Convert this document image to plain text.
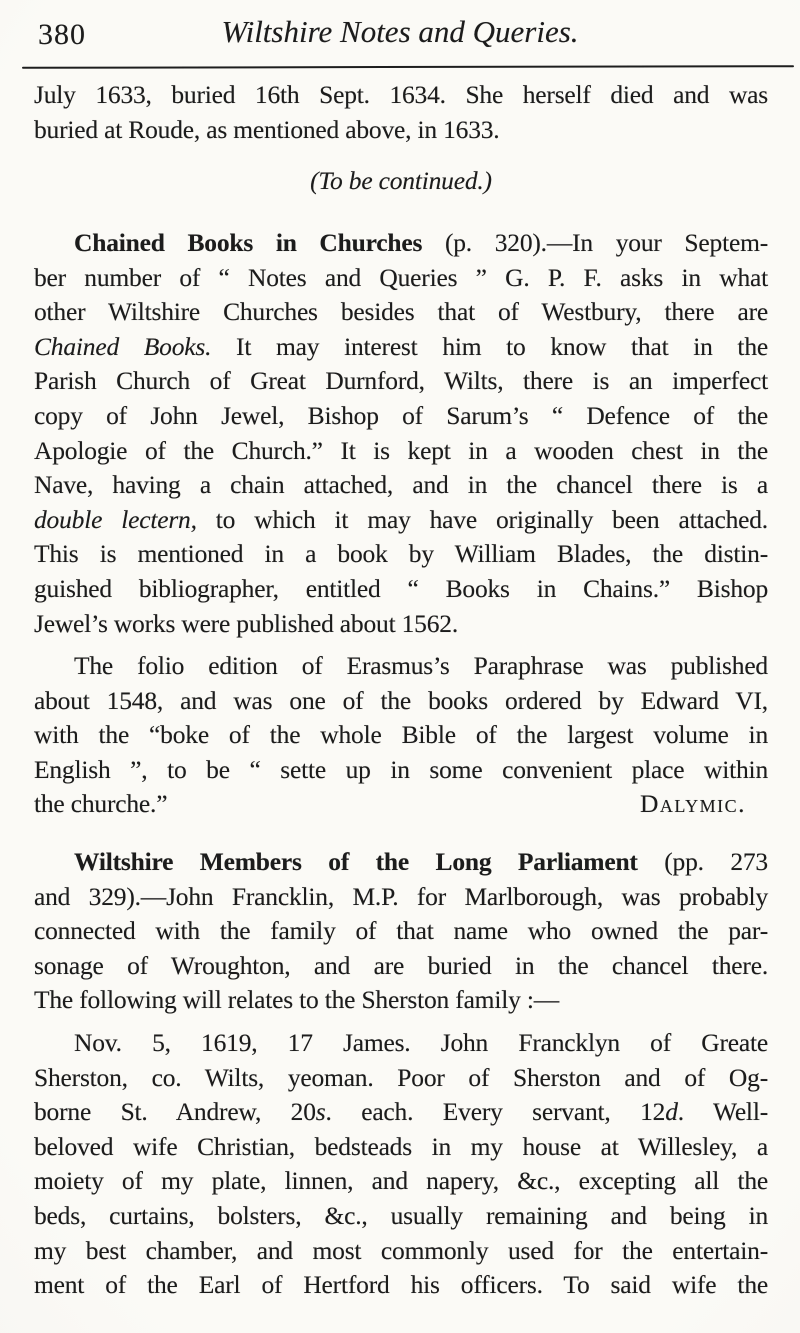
380	Wiltshire Notes and Queries.
July 1633, buried 16th Sept. 1634. She herself died and was
buried at Roude, as mentioned above, in 1633.
(To be continued.)
Chained Books in Churches (p. 320).—In your Septem-
ber number of “ Notes and Queries ” G. P. F. asks in what
other Wiltshire Churches besides that of Westbury, there are
Chained Books. It may interest him to know that in the
Parish Church of Great Durnford, Wilts, there is an imperfect
copy of John Jewel, Bishop of Sarum’s “ Defence of the
Apologie of the Church.” It is kept in a wooden chest in the
Nave, having a chain attached, and in the chancel there is a
double lectern, to which it may have originally been attached.
This is mentioned in a book by William Blades, the distin-
guished bibliographer, entitled “ Books in Chains.” Bishop
Jewel’s works were published about 1562.
The folio edition of Erasmus’s Paraphrase was published
about 1548, and was one of the books ordered by Edward VI,
with the “boke of the whole Bible of the largest volume in
English ”, to be “ sette up in some convenient place within
the churche.”	Dalymic.
Wiltshire Members of the Long Parliament (pp. 273
and 329).—John Francklin, M.P. for Marlborough, was probably
connected with the family of that name who owned the par-
sonage of Wroughton, and are buried in the chancel there.
The following will relates to the Sherston family :—
Nov. 5, 1619, 17 James. John Francklyn of Greate
Sherston, co. Wilts, yeoman. Poor of Sherston and of Og-
borne St. Andrew, 20s. each. Every servant, 12d. Well-
beloved wife Christian, bedsteads in my house at Willesley, a
moiety of my plate, linnen, and napery, &c., excepting all the
beds, curtains, bolsters, &c., usually remaining and being in
my best chamber, and most commonly used for the entertain-
ment of the Earl of Hertford his officers. To said wife the
